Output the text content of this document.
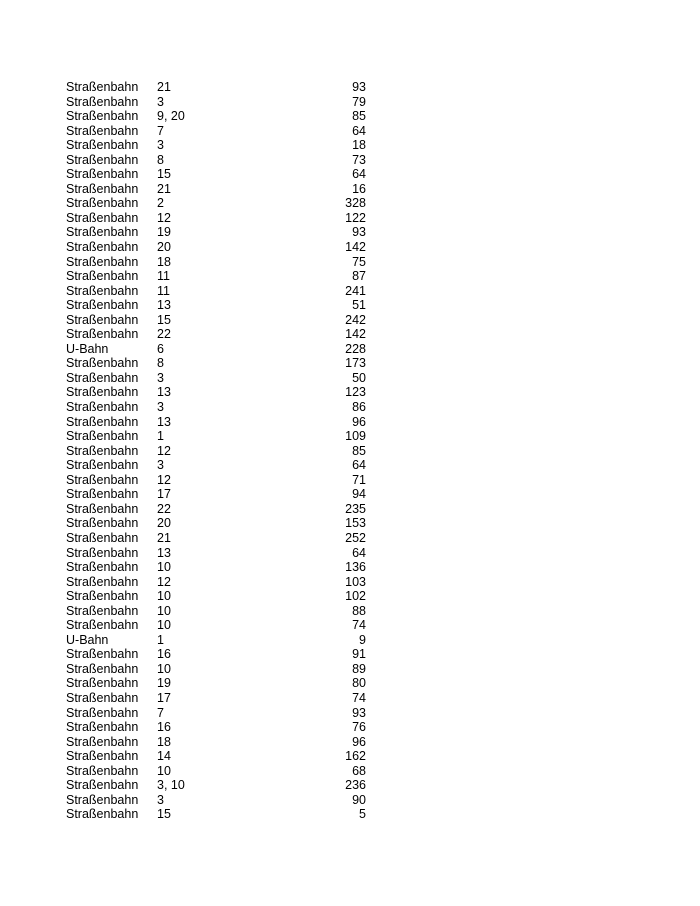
Straßenbahn	21	93
Straßenbahn	3	79
Straßenbahn	9, 20	85
Straßenbahn	7	64
Straßenbahn	3	18
Straßenbahn	8	73
Straßenbahn	15	64
Straßenbahn	21	16
Straßenbahn	2	328
Straßenbahn	12	122
Straßenbahn	19	93
Straßenbahn	20	142
Straßenbahn	18	75
Straßenbahn	11	87
Straßenbahn	11	241
Straßenbahn	13	51
Straßenbahn	15	242
Straßenbahn	22	142
U-Bahn	6	228
Straßenbahn	8	173
Straßenbahn	3	50
Straßenbahn	13	123
Straßenbahn	3	86
Straßenbahn	13	96
Straßenbahn	1	109
Straßenbahn	12	85
Straßenbahn	3	64
Straßenbahn	12	71
Straßenbahn	17	94
Straßenbahn	22	235
Straßenbahn	20	153
Straßenbahn	21	252
Straßenbahn	13	64
Straßenbahn	10	136
Straßenbahn	12	103
Straßenbahn	10	102
Straßenbahn	10	88
Straßenbahn	10	74
U-Bahn	1	9
Straßenbahn	16	91
Straßenbahn	10	89
Straßenbahn	19	80
Straßenbahn	17	74
Straßenbahn	7	93
Straßenbahn	16	76
Straßenbahn	18	96
Straßenbahn	14	162
Straßenbahn	10	68
Straßenbahn	3, 10	236
Straßenbahn	3	90
Straßenbahn	15	5
